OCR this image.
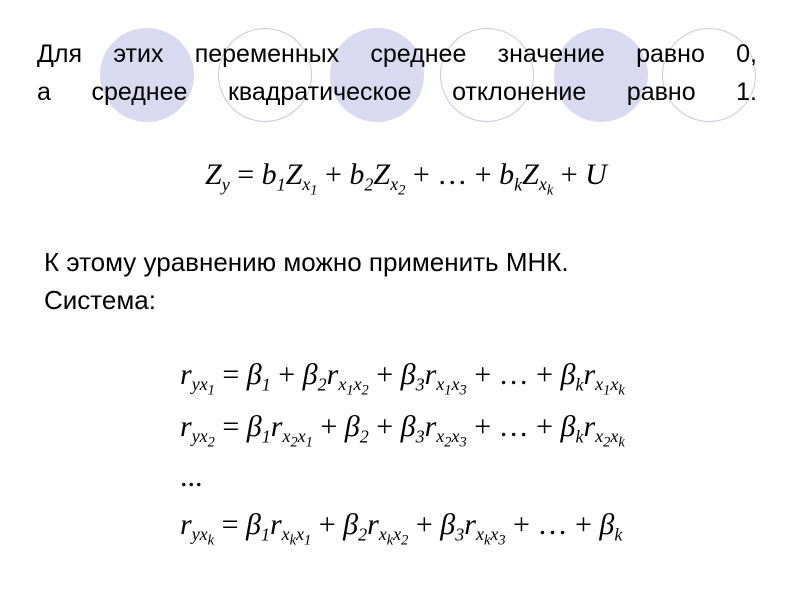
Для этих переменных среднее значение равно 0,
а среднее квадратическое отклонение равно 1.
$Z_y = b_1Z_{x_1} + b_2Z_{x_2}$ + … + $b_kZ_{x_k} + U$
К этому уравнению можно применить МНК.
Система:
$r_{yx_1} = \beta_1 + \beta_2r_{x_1x_2} + \beta_3r_{x_1x_3}$ + … + $\beta_kr_{x_1x_k}$
$r_{yx_2} = \beta_1r_{x_2x_1} + \beta_2 + \beta_3r_{x_2x_3}$ + … + $\beta_kr_{x_2x_k}$
...
$r_{yx_k} = \beta_1r_{x_kx_1} + \beta_2r_{x_kx_2} + \beta_3r_{x_kx_3}$ + … + $\beta_k$
